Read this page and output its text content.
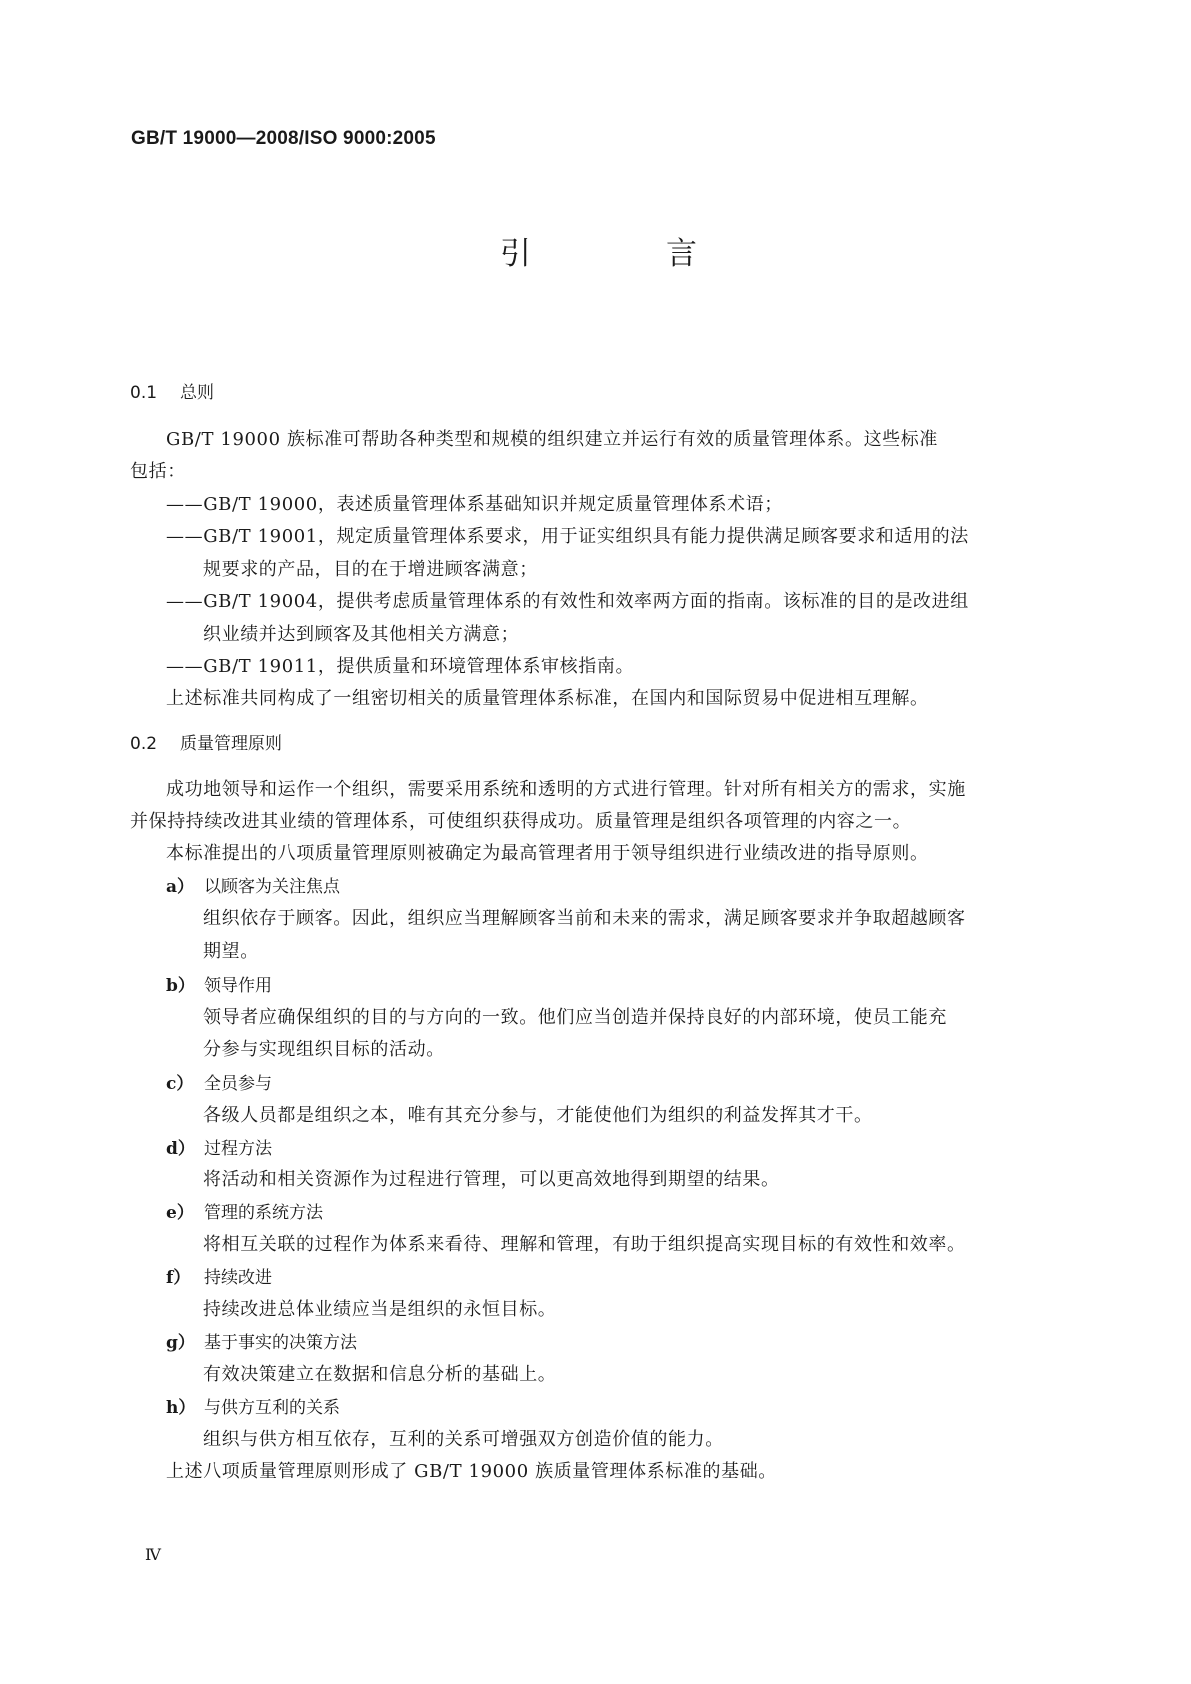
GB/T 19000—2008/ISO 9000:2005
引　言
0.1 总则
GB/T 19000 族标准可帮助各种类型和规模的组织建立并运行有效的质量管理体系。这些标准
包括：
——GB/T 19000，表述质量管理体系基础知识并规定质量管理体系术语；
——GB/T 19001，规定质量管理体系要求，用于证实组织具有能力提供满足顾客要求和适用的法
规要求的产品，目的在于增进顾客满意；
——GB/T 19004，提供考虑质量管理体系的有效性和效率两方面的指南。该标准的目的是改进组
织业绩并达到顾客及其他相关方满意；
——GB/T 19011，提供质量和环境管理体系审核指南。
上述标准共同构成了一组密切相关的质量管理体系标准，在国内和国际贸易中促进相互理解。
0.2 质量管理原则
成功地领导和运作一个组织，需要采用系统和透明的方式进行管理。针对所有相关方的需求，实施
并保持持续改进其业绩的管理体系，可使组织获得成功。质量管理是组织各项管理的内容之一。
本标准提出的八项质量管理原则被确定为最高管理者用于领导组织进行业绩改进的指导原则。
a） 以顾客为关注焦点
组织依存于顾客。因此，组织应当理解顾客当前和未来的需求，满足顾客要求并争取超越顾客
期望。
b） 领导作用
领导者应确保组织的目的与方向的一致。他们应当创造并保持良好的内部环境，使员工能充
分参与实现组织目标的活动。
c） 全员参与
各级人员都是组织之本，唯有其充分参与，才能使他们为组织的利益发挥其才干。
d） 过程方法
将活动和相关资源作为过程进行管理，可以更高效地得到期望的结果。
e） 管理的系统方法
将相互关联的过程作为体系来看待、理解和管理，有助于组织提高实现目标的有效性和效率。
f） 持续改进
持续改进总体业绩应当是组织的永恒目标。
g） 基于事实的决策方法
有效决策建立在数据和信息分析的基础上。
h） 与供方互利的关系
组织与供方相互依存，互利的关系可增强双方创造价值的能力。
上述八项质量管理原则形成了 GB/T 19000 族质量管理体系标准的基础。
Ⅳ
